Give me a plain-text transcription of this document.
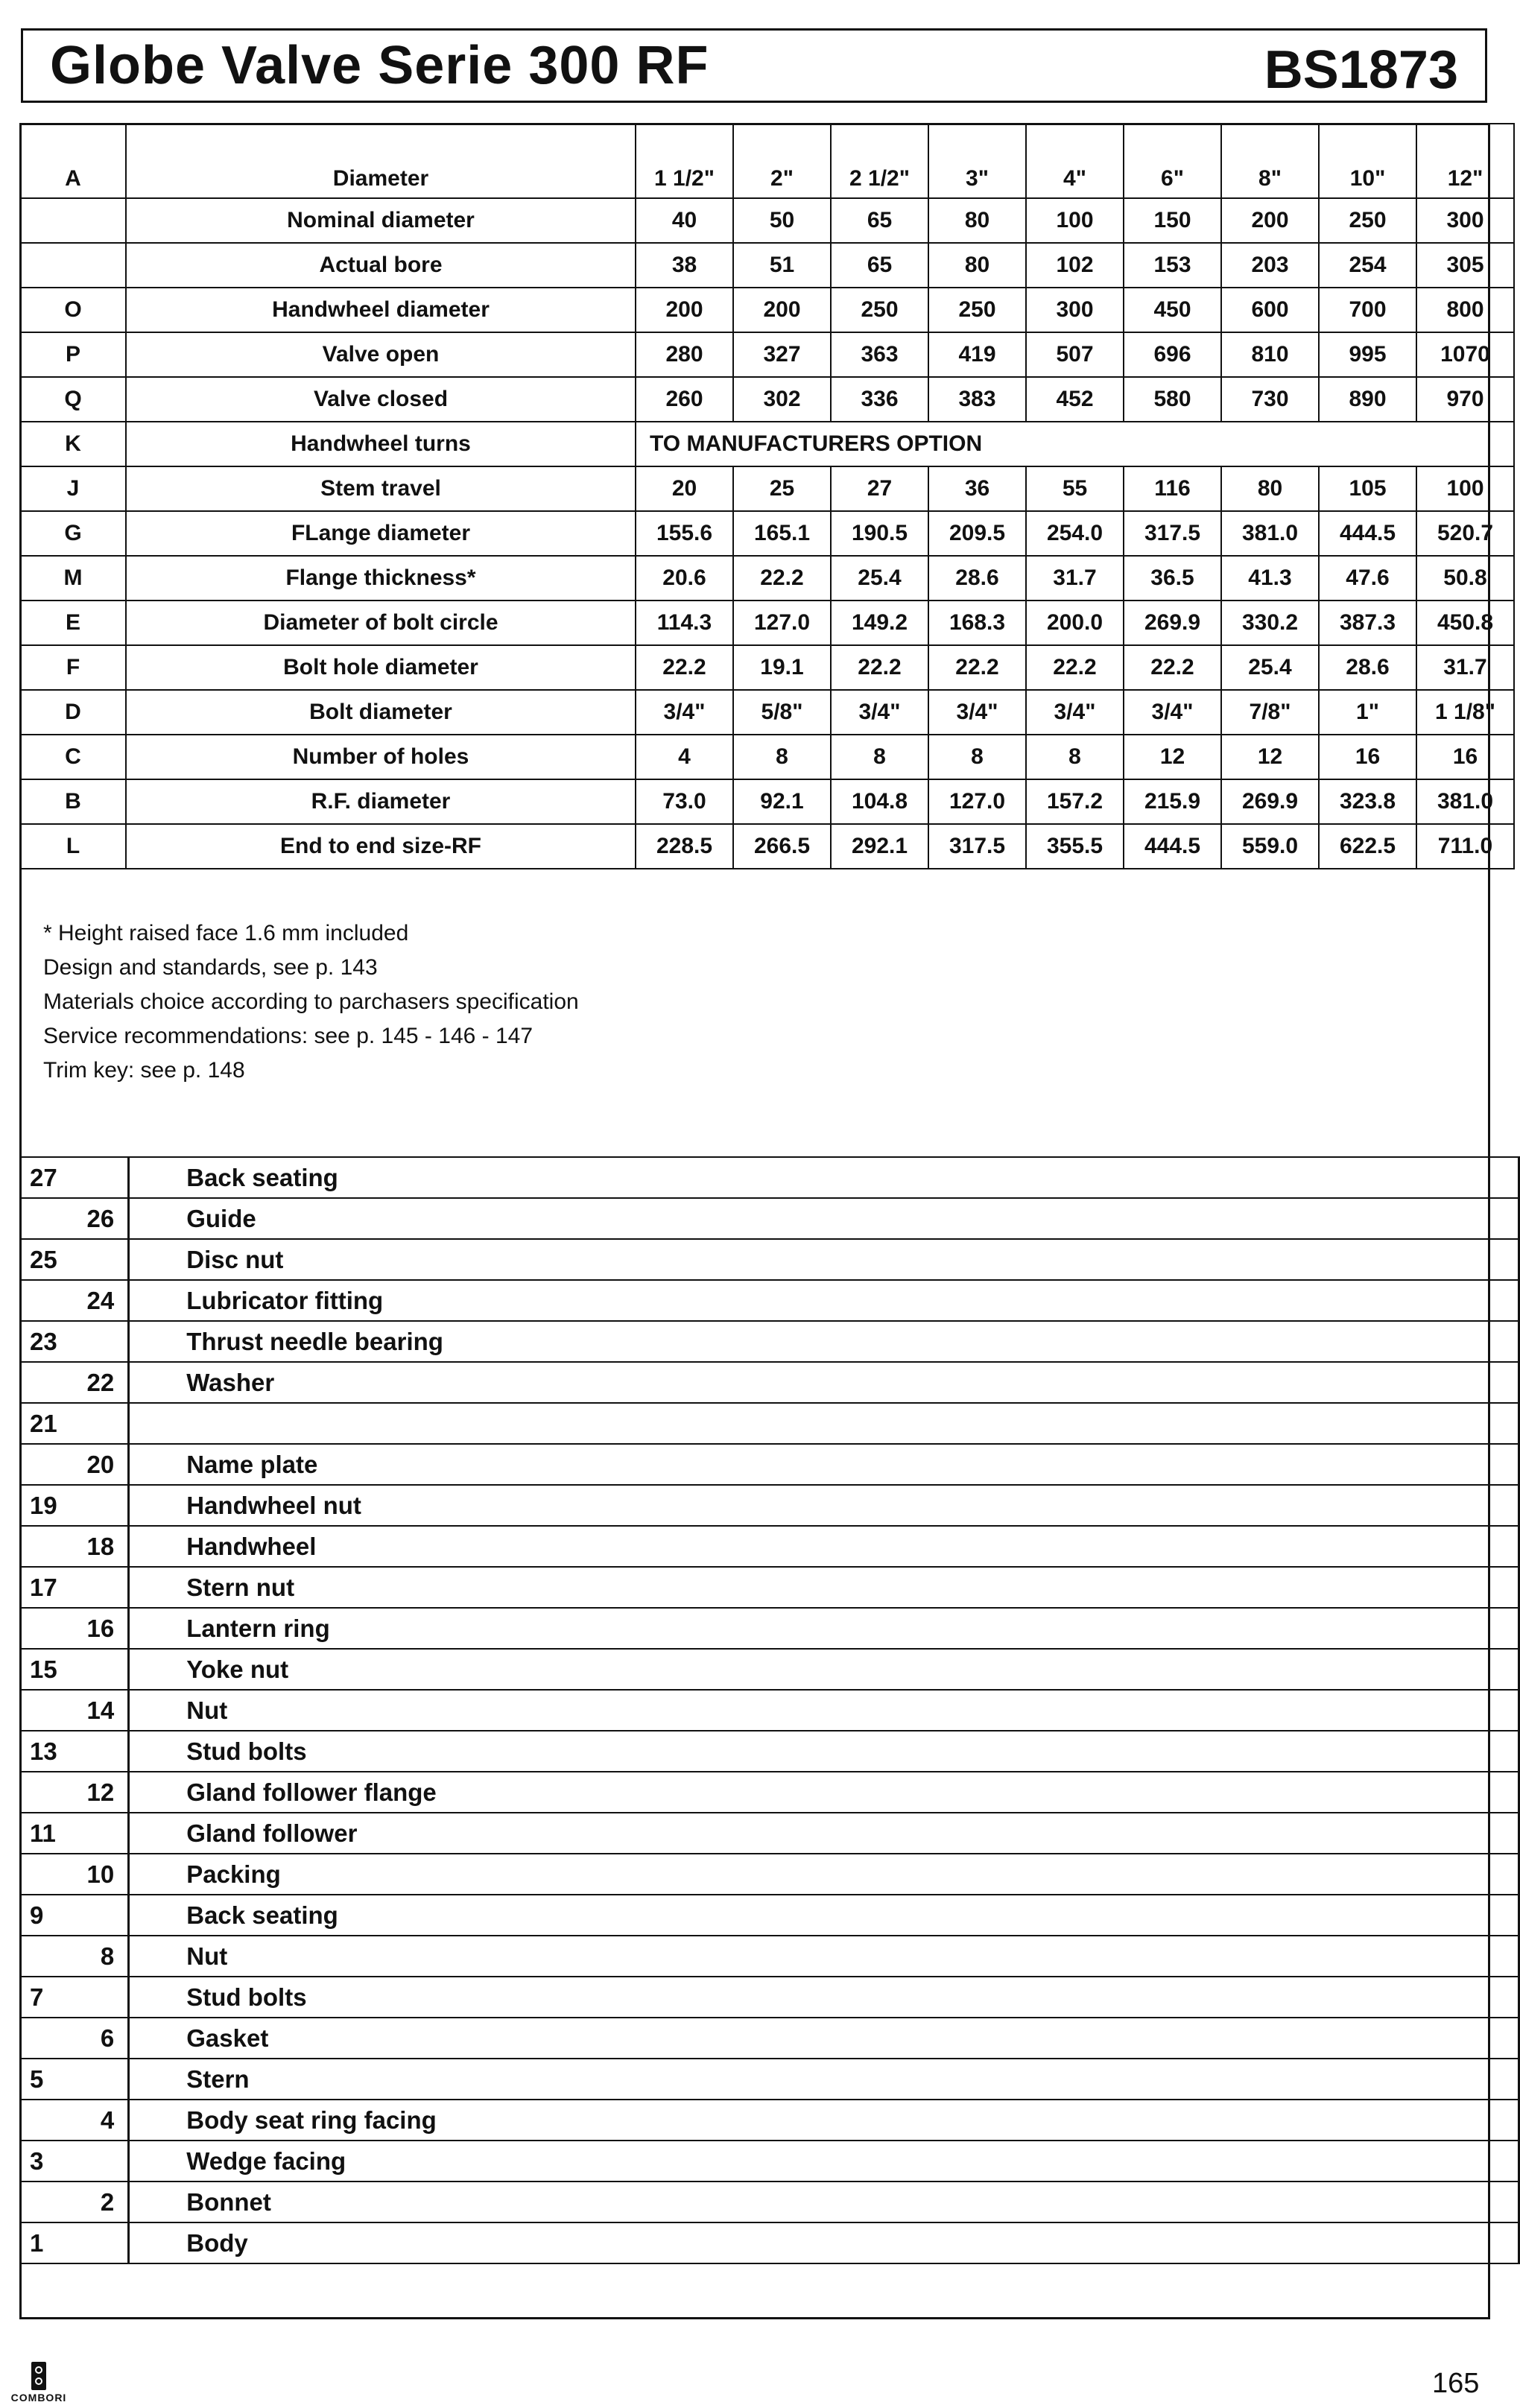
Globe Valve Serie 300 RF	BS1873
A	Diameter	1 1/2"	2"	2 1/2"	3"	4"	6"	8"	10"	12"
	Nominal diameter	40	50	65	80	100	150	200	250	300
	Actual bore	38	51	65	80	102	153	203	254	305
O	Handwheel diameter	200	200	250	250	300	450	600	700	800
P	Valve open	280	327	363	419	507	696	810	995	1070
Q	Valve closed	260	302	336	383	452	580	730	890	970
K	Handwheel turns	TO MANUFACTURERS OPTION								
J	Stem travel	20	25	27	36	55	116	80	105	100
G	FLange diameter	155.6	165.1	190.5	209.5	254.0	317.5	381.0	444.5	520.7
M	Flange thickness*	20.6	22.2	25.4	28.6	31.7	36.5	41.3	47.6	50.8
E	Diameter of bolt circle	114.3	127.0	149.2	168.3	200.0	269.9	330.2	387.3	450.8
F	Bolt hole diameter	22.2	19.1	22.2	22.2	22.2	22.2	25.4	28.6	31.7
D	Bolt diameter	3/4"	5/8"	3/4"	3/4"	3/4"	3/4"	7/8"	1"	1 1/8"
C	Number of holes	4	8	8	8	8	12	12	16	16
B	R.F. diameter	73.0	92.1	104.8	127.0	157.2	215.9	269.9	323.8	381.0
L	End to end size-RF	228.5	266.5	292.1	317.5	355.5	444.5	559.0	622.5	711.0
* Height raised face 1.6 mm included
Design and standards, see p. 143
Materials choice according to parchasers specification
Service recommendations: see p. 145 - 146 - 147
Trim key: see p. 148
27	Back seating
26	Guide
25	Disc nut
24	Lubricator fitting
23	Thrust needle bearing
22	Washer
21	
20	Name plate
19	Handwheel nut
18	Handwheel
17	Stern nut
16	Lantern ring
15	Yoke nut
14	Nut
13	Stud bolts
12	Gland follower flange
11	Gland follower
10	Packing
9	Back seating
8	Nut
7	Stud bolts
6	Gasket
5	Stern
4	Body seat ring facing
3	Wedge facing
2	Bonnet
1	Body
COMBORI	165
